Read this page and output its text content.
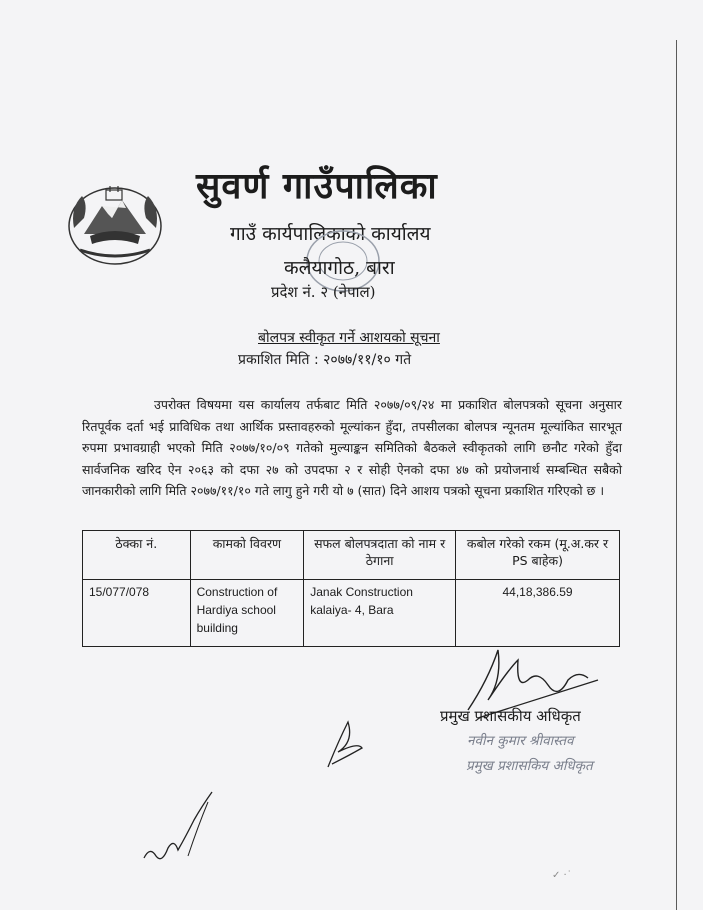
सुवर्ण गाउँपालिका
गाउँ कार्यपालिकाको कार्यालय
कलैयागोठ, बारा
प्रदेश नं. २ (नेपाल)
बोलपत्र स्वीकृत गर्ने आशयको सूचना
प्रकाशित मिति : २०७७/११/१० गते
उपरोक्त विषयमा यस कार्यालय तर्फबाट मिति २०७७/०९/२४ मा प्रकाशित बोलपत्रको सूचना अनुसार रितपूर्वक दर्ता भई प्राविधिक तथा आर्थिक प्रस्तावहरुको मूल्यांकन हुँदा, तपसीलका बोलपत्र न्यूनतम मूल्यांकित सारभूत रुपमा प्रभावग्राही भएको मिति २०७७/१०/०९ गतेको मुल्याङ्कन समितिको बैठकले स्वीकृतको लागि छनौट गरेको हुँदा सार्वजनिक खरिद ऐन २०६३ को दफा २७ को उपदफा २ र सोही ऐनको दफा ४७ को प्रयोजनार्थ सम्बन्धित सबैको जानकारीको लागि मिति २०७७/११/१० गते लागु हुने गरी यो ७ (सात) दिने आशय पत्रको सूचना प्रकाशित गरिएको छ ।
ठेक्का नं.	कामको विवरण	सफल बोलपत्रदाता को नाम र ठेगाना	कबोल गरेको रकम (मू.अ.कर र PS बाहेक)
15/077/078	Construction of Hardiya school building	Janak Construction kalaiya- 4, Bara	44,18,386.59
प्रमुख प्रशासकीय अधिकृत
नवीन कुमार श्रीवास्तव
प्रमुख प्रशासकिय अधिकृत
✓ ·˙
